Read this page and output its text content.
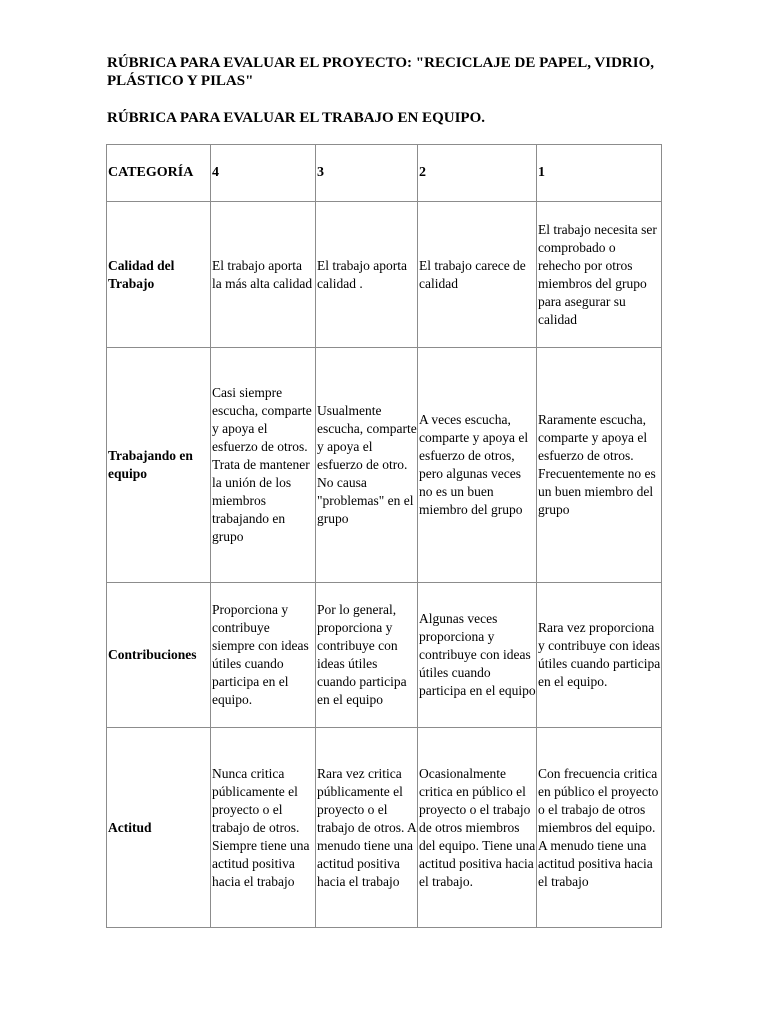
RÚBRICA PARA EVALUAR EL PROYECTO: "RECICLAJE DE PAPEL, VIDRIO, PLÁSTICO Y PILAS"

RÚBRICA PARA EVALUAR EL TRABAJO EN EQUIPO.

CATEGORÍA	4	3	2	1
Calidad del Trabajo	El trabajo aporta la más alta calidad	El trabajo aporta calidad .	El trabajo carece de calidad	El trabajo necesita ser comprobado o rehecho por otros miembros del grupo para asegurar su calidad
Trabajando en equipo	Casi siempre escucha, comparte y apoya el esfuerzo de otros. Trata de mantener la unión de los miembros trabajando en grupo	Usualmente escucha, comparte y apoya el esfuerzo de otro. No causa "problemas" en el grupo	A veces escucha, comparte y apoya el esfuerzo de otros, pero algunas veces no es un buen miembro del grupo	Raramente escucha, comparte y apoya el esfuerzo de otros. Frecuentemente no es un buen miembro del grupo
Contribuciones	Proporciona y contribuye siempre con ideas útiles cuando participa en el equipo.	Por lo general, proporciona y contribuye con ideas útiles cuando participa en el equipo	Algunas veces proporciona y contribuye con ideas útiles cuando participa en el equipo	Rara vez proporciona y contribuye con ideas útiles cuando participa en el equipo.
Actitud	Nunca critica públicamente el proyecto o el trabajo de otros. Siempre tiene una actitud positiva hacia el trabajo	Rara vez critica públicamente el proyecto o el trabajo de otros. A menudo tiene una actitud positiva hacia el trabajo	Ocasionalmente critica en público el proyecto o el trabajo de otros miembros del equipo. Tiene una actitud positiva hacia el trabajo.	Con frecuencia critica en público el proyecto o el trabajo de otros miembros del equipo. A menudo tiene una actitud positiva hacia el trabajo
